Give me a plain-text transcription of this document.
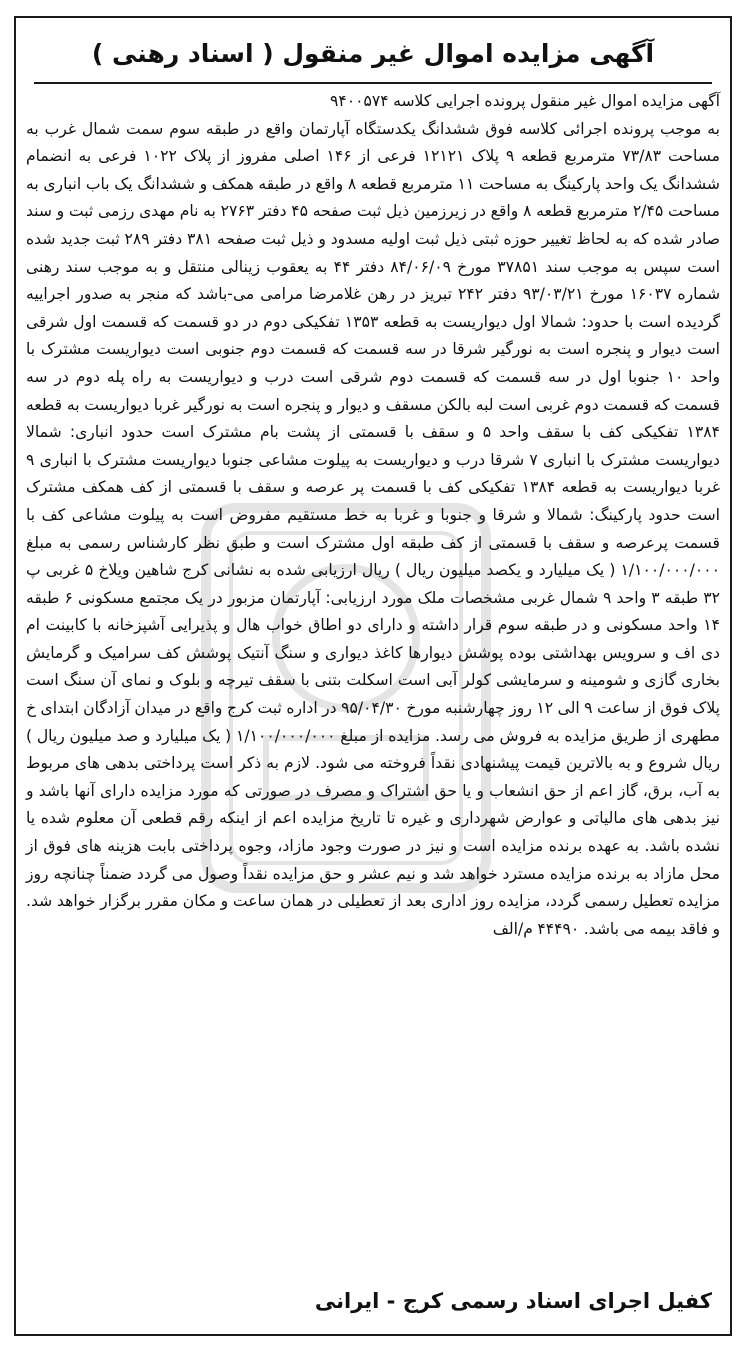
آگهی مزایده اموال غیر منقول ( اسناد رهنی )

آگهی مزایده اموال غیر منقول پرونده اجرایی کلاسه ۹۴۰۰۵۷۴

به موجب پرونده اجرائی کلاسه فوق ششدانگ یکدستگاه آپارتمان واقع در طبقه سوم سمت شمال غرب به مساحت ۷۳/۸۳ مترمربع قطعه ۹ پلاک ۱۲۱۲۱ فرعی از ۱۴۶ اصلی مفروز از پلاک ۱۰۲۲ فرعی به انضمام ششدانگ یک واحد پارکینگ به مساحت ۱۱ مترمربع قطعه ۸ واقع در طبقه همکف و ششدانگ یک باب انباری به مساحت ۲/۴۵ مترمربع قطعه ۸ واقع در زیرزمین ذیل ثبت صفحه ۴۵ دفتر ۲۷۶۳ به نام مهدی رزمی ثبت و سند صادر شده که به لحاظ تغییر حوزه ثبتی ذیل ثبت اولیه مسدود و ذیل ثبت صفحه ۳۸۱ دفتر ۲۸۹ ثبت جدید شده است سپس به موجب سند ۳۷۸۵۱ مورخ ۸۴/۰۶/۰۹ دفتر ۴۴ به یعقوب زینالی منتقل و به موجب سند رهنی شماره ۱۶۰۳۷ مورخ ۹۳/۰۳/۲۱ دفتر ۲۴۲ تبریز در رهن غلامرضا مرامی می-باشد که منجر به صدور اجراییه گردیده است با حدود: شمالا اول دیواریست به قطعه ۱۳۵۳ تفکیکی دوم در دو قسمت که قسمت اول شرقی است دیوار و پنجره است به نورگیر شرقا در سه قسمت که قسمت دوم جنوبی است دیواریست مشترک با واحد ۱۰ جنوبا اول در سه قسمت که قسمت دوم شرقی است درب و دیواریست به راه پله دوم در سه قسمت که قسمت دوم غربی است لبه بالکن مسقف و دیوار و پنجره است به نورگیر غربا دیواریست به قطعه ۱۳۸۴ تفکیکی کف با سقف واحد ۵ و سقف با قسمتی از پشت بام مشترک است حدود انباری: شمالا دیواریست مشترک با انباری ۷ شرقا درب و دیواریست به پیلوت مشاعی جنوبا دیواریست مشترک با انباری ۹ غربا دیواریست به قطعه ۱۳۸۴ تفکیکی کف با قسمت پر عرصه و سقف با قسمتی از کف همکف مشترک است حدود پارکینگ: شمالا و شرقا و جنوبا و غربا به خط مستقیم مفروض است به پیلوت مشاعی کف با قسمت پرعرصه و سقف با قسمتی از کف طبقه اول مشترک است و طبق نظر کارشناس رسمی به مبلغ ۱/۱۰۰/۰۰۰/۰۰۰ ( یک میلیارد و یکصد میلیون ریال ) ریال ارزیابی شده به نشانی کرج شاهین ویلاخ ۵ غربی پ ۳۲ طبقه ۳ واحد ۹ شمال غربی مشخصات ملک مورد ارزیابی: آپارتمان مزبور در یک مجتمع مسکونی ۶ طبقه ۱۴ واحد مسکونی و در طبقه سوم قرار داشته و دارای دو اطاق خواب هال و پذیرایی آشپزخانه با کابینت ام دی اف و سرویس بهداشتی بوده پوشش دیوارها کاغذ دیواری و سنگ آنتیک پوشش کف سرامیک و گرمایش بخاری گازی و شومینه و سرمایشی کولر آبی است اسکلت بتنی با سقف تیرچه و بلوک و نمای آن سنگ است پلاک فوق از ساعت ۹ الی ۱۲ روز چهارشنبه مورخ ۹۵/۰۴/۳۰ در اداره ثبت کرج واقع در میدان آزادگان ابتدای خ مطهری از طریق مزایده به فروش می رسد. مزایده از مبلغ ۱/۱۰۰/۰۰۰/۰۰۰ ( یک میلیارد و صد میلیون ریال ) ریال شروع و به بالاترین قیمت پیشنهادی نقداً فروخته می شود. لازم به ذکر است پرداختی بدهی های مربوط به آب، برق، گاز اعم از حق انشعاب و یا حق اشتراک و مصرف در صورتی که مورد مزایده دارای آنها باشد و نیز بدهی های مالیاتی و عوارض شهرداری و غیره تا تاریخ مزایده اعم از اینکه رقم قطعی آن معلوم شده یا نشده باشد. به عهده برنده مزایده است و نیز در صورت وجود مازاد، وجوه پرداختی بابت هزینه های فوق از محل مازاد به برنده مزایده مسترد خواهد شد و نیم عشر و حق مزایده نقداً وصول می گردد ضمناً چنانچه روز مزایده تعطیل رسمی گردد، مزایده روز اداری بعد از تعطیلی در همان ساعت و مکان مقرر برگزار خواهد شد. و فاقد بیمه می باشد. ۴۴۴۹۰ م/الف

کفیل اجرای اسناد رسمی کرج - ایرانی
